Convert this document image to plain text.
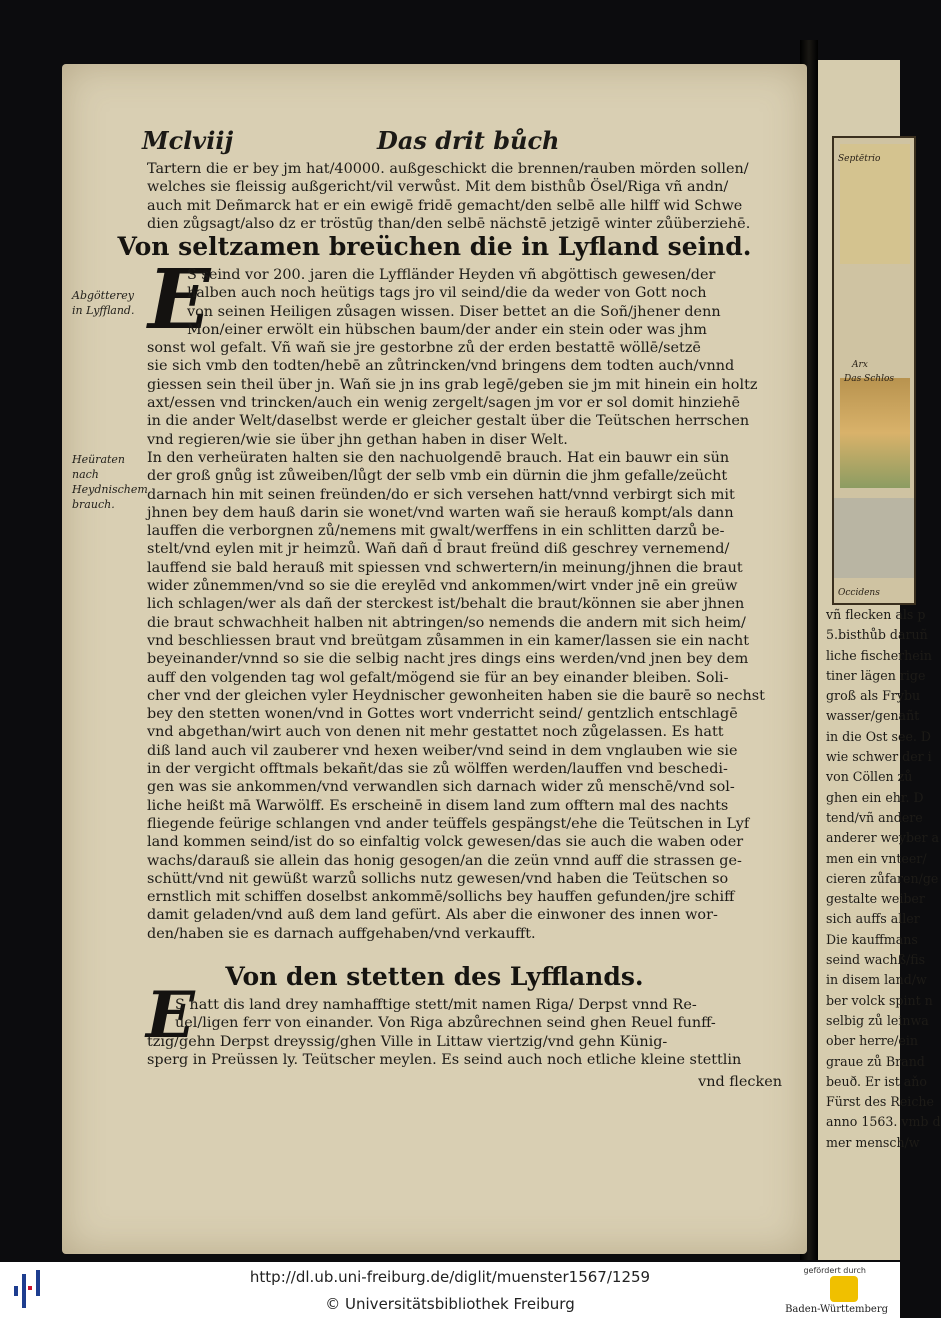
Mclviij	Das drit bůch
Tartern die er bey jm hat/40000. außgeschickt die brennen/rauben mörden sollen/
welches sie fleissig außgericht/vil verwůst. Mit dem bisthůb Ösel/Riga vñ andn/
auch mit Deñmarck hat er ein ewigē fridē gemacht/den selbē alle hilff wid Schwe
dien zůgsagt/also dz er tröstūg than/den selbē nächstē jetzigē winter zůüberziehē.
Von seltzamen breüchen die in Lyfland seind.
E
Abgötterey in Lyffland.
Heüraten nach Heydnischem brauch.
S seind vor 200. jaren die Lyffländer Heyden vñ abgöttisch gewesen/der
halben auch noch heütigs tags jro vil seind/die da weder von Gott noch
von seinen Heiligen zůsagen wissen. Diser bettet an die Soñ/jhener denn
Mon/einer erwölt ein hübschen baum/der ander ein stein oder was jhm
sonst wol gefalt. Vñ wañ sie jre gestorbne zů der erden bestattē wöllē/setzē
sie sich vmb den todten/hebē an zůtrincken/vnd bringens dem todten auch/vnnd
giessen sein theil über jn. Wañ sie jn ins grab legē/geben sie jm mit hinein ein holtz
axt/essen vnd trincken/auch ein wenig zergelt/sagen jm vor er sol domit hinziehē
in die ander Welt/daselbst werde er gleicher gestalt über die Teütschen herrschen
vnd regieren/wie sie über jhn gethan haben in diser Welt.
In den verheüraten halten sie den nachuolgendē brauch. Hat ein bauwr ein sün
der groß gnůg ist zůweiben/lůgt der selb vmb ein dürnin die jhm gefalle/zeücht
darnach hin mit seinen freünden/do er sich versehen hatt/vnnd verbirgt sich mit
jhnen bey dem hauß darin sie wonet/vnd warten wañ sie herauß kompt/als dann
lauffen die verborgnen zů/nemens mit gwalt/werffens in ein schlitten darzů be-
stelt/vnd eylen mit jr heimzů. Wañ dañ d̄ braut freünd diß geschrey vernemend/
lauffend sie bald herauß mit spiessen vnd schwertern/in meinung/jhnen die braut
wider zůnemmen/vnd so sie die ereylēd vnd ankommen/wirt vnder jnē ein greüw
lich schlagen/wer als dañ der sterckest ist/behalt die braut/können sie aber jhnen
die braut schwachheit halben nit abtringen/so nemends die andern mit sich heim/
vnd beschliessen braut vnd breütgam zůsammen in ein kamer/lassen sie ein nacht
beyeinander/vnnd so sie die selbig nacht jres dings eins werden/vnd jnen bey dem
auff den volgenden tag wol gefalt/mögend sie für an bey einander bleiben. Soli-
cher vnd der gleichen vyler Heydnischer gewonheiten haben sie die baurē so nechst
bey den stetten wonen/vnd in Gottes wort vnderricht seind/ gentzlich entschlagē
vnd abgethan/wirt auch von denen nit mehr gestattet noch zůgelassen. Es hatt
diß land auch vil zauberer vnd hexen weiber/vnd seind in dem vnglauben wie sie
in der vergicht offtmals bekañt/das sie zů wölffen werden/lauffen vnd beschedi-
gen was sie ankommen/vnd verwandlen sich darnach wider zů menschē/vnd sol-
liche heißt mā Warwölff. Es erscheinē in disem land zum offtern mal des nachts
fliegende feürige schlangen vnd ander teüffels gespängst/ehe die Teütschen in Lyf
land kommen seind/ist do so einfaltig volck gewesen/das sie auch die waben oder
wachs/darauß sie allein das honig gesogen/an die zeün vnnd auff die strassen ge-
schütt/vnd nit gewüßt warzů sollichs nutz gewesen/vnd haben die Teütschen so
ernstlich mit schiffen doselbst ankommē/sollichs bey hauffen gefunden/jre schiff
damit geladen/vnd auß dem land gefürt. Als aber die einwoner des innen wor-
den/haben sie es darnach auffgehaben/vnd verkaufft.
Von den stetten des Lyfflands.
E
S hatt dis land drey namhafftige stett/mit namen Riga/ Derpst vnnd Re-
uel/ligen ferr von einander. Von Riga abzůrechnen seind ghen Reuel funff-
tzig/gehn Derpst dreyssig/ghen Ville in Littaw viertzig/vnd gehn Künig-
sperg in Preüssen ly. Teütscher meylen. Es seind auch noch etliche kleine stettlin
vnd flecken
Septētrio
Arx
Das Schlos
Occidens
vñ flecken als p
5.bisthůb daruñ
liche fischerhein
tiner lägen rige
groß als Frybu
wasser/genañt
in die Ost see. D
wie schwer der i
von Cöllen zů
ghen ein ehr. D
tend/vñ andere
anderer weyber a
men ein vnteer/
cieren zůfaren/ge
gestalte weiber
sich auffs aller
Die kauffmans
seind wachß/fis
in disem land/w
ber volck spint n
selbig zů leinwa
ober herre/ein
graue zů Brand
beuð. Er ist aňo
Fürst des Reiche
anno 1563. vmb d
mer mensch/w
http://dl.ub.uni-freiburg.de/diglit/muenster1567/1259
© Universitätsbibliothek Freiburg
gefördert durch
Baden-Württemberg
